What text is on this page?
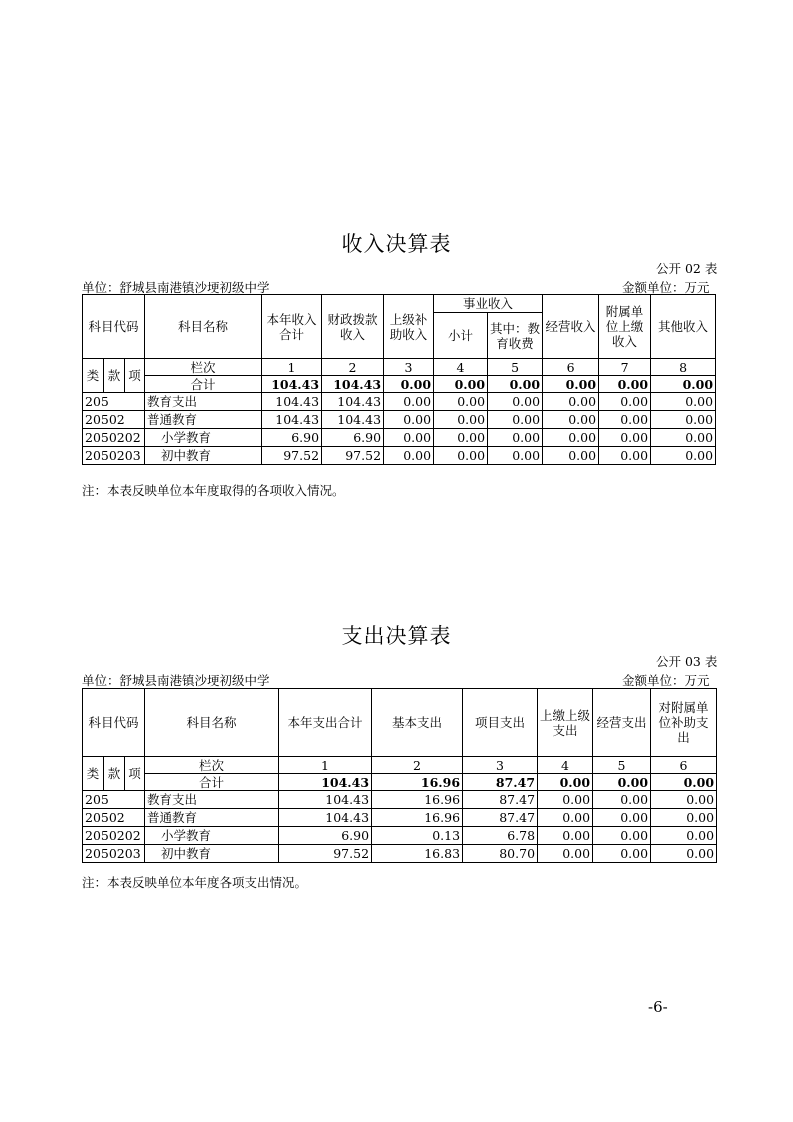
收入决算表
公开 02 表
单位：舒城县南港镇沙埂初级中学	金额单位：万元
科目代码			科目名称	本年收入合计	财政拨款收入	上级补助收入	事业收入		经营收入	附属单位上缴收入	其他收入
							小计	其中：教育收费			
类	款	项	栏次	1	2	3	4	5	6	7	8
			合计	104.43	104.43	0.00	0.00	0.00	0.00	0.00	0.00
205			教育支出	104.43	104.43	0.00	0.00	0.00	0.00	0.00	0.00
20502			普通教育	104.43	104.43	0.00	0.00	0.00	0.00	0.00	0.00
2050202			小学教育	6.90	6.90	0.00	0.00	0.00	0.00	0.00	0.00
2050203			初中教育	97.52	97.52	0.00	0.00	0.00	0.00	0.00	0.00
注：本表反映单位本年度取得的各项收入情况。
支出决算表
公开 03 表
单位：舒城县南港镇沙埂初级中学	金额单位：万元
科目代码			科目名称	本年支出合计	基本支出	项目支出	上缴上级支出	经营支出	对附属单位补助支出
类	款	项	栏次	1	2	3	4	5	6
			合计	104.43	16.96	87.47	0.00	0.00	0.00
205			教育支出	104.43	16.96	87.47	0.00	0.00	0.00
20502			普通教育	104.43	16.96	87.47	0.00	0.00	0.00
2050202			小学教育	6.90	0.13	6.78	0.00	0.00	0.00
2050203			初中教育	97.52	16.83	80.70	0.00	0.00	0.00
注：本表反映单位本年度各项支出情况。
-6-
